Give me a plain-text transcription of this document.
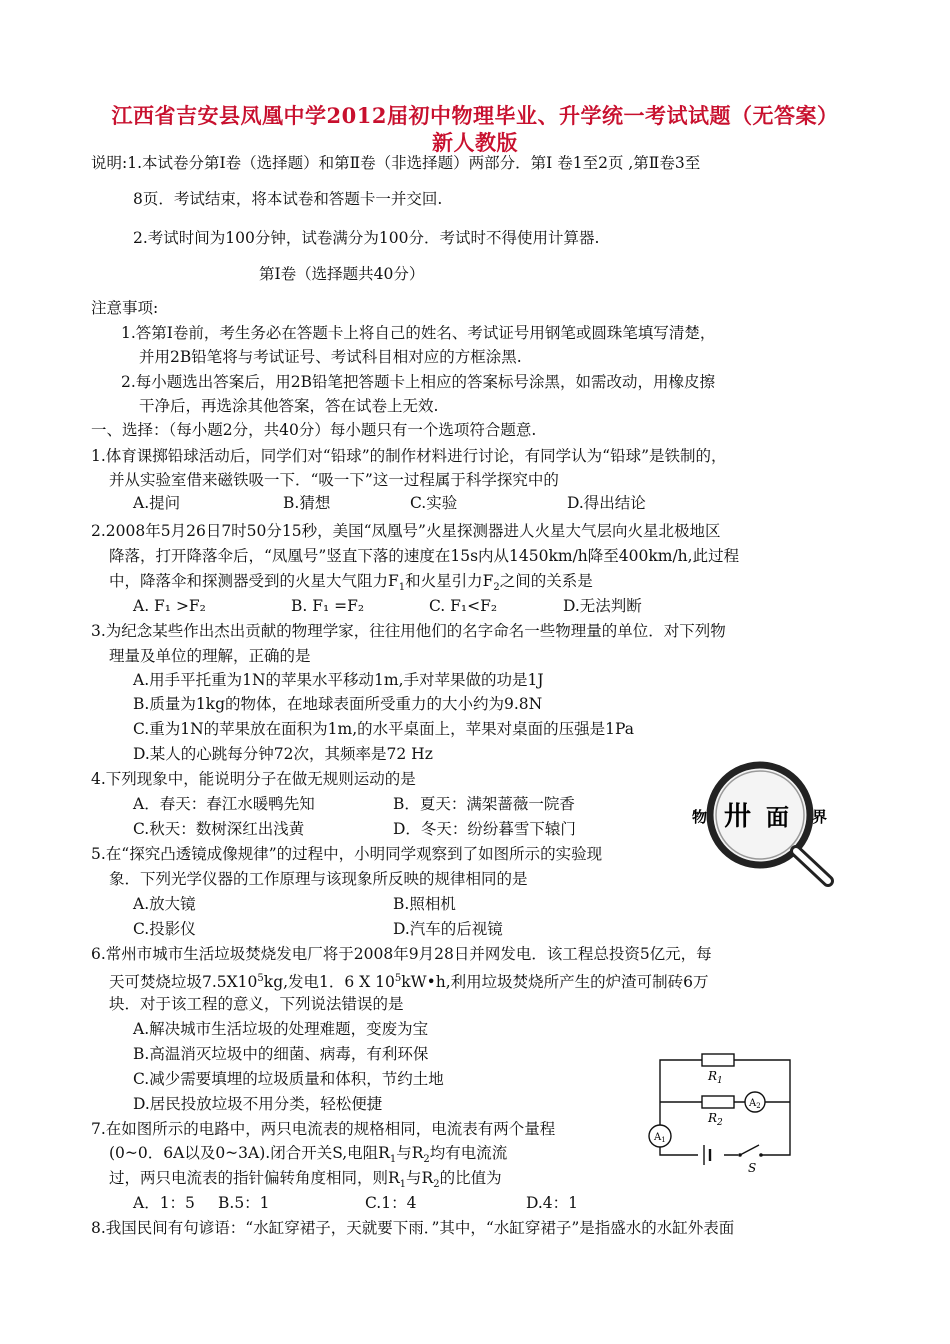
江西省吉安县凤凰中学2012届初中物理毕业、升学统一考试试题（无答案）
新人教版
说明:1.本试卷分第Ⅰ卷（选择题）和第Ⅱ卷（非选择题）两部分．第Ⅰ 卷1至2页 ,第Ⅱ卷3至
8页．考试结束，将本试卷和答题卡一并交回.
2.考试时间为100分钟，试卷满分为100分．考试时不得使用计算器.
第Ⅰ卷（选择题共40分）
注意事项:
1.答第Ⅰ卷前，考生务必在答题卡上将自己的姓名、考试证号用钢笔或圆珠笔填写清楚，
并用2B铅笔将与考试证号、考试科目相对应的方框涂黑.
2.每小题选出答案后，用2B铅笔把答题卡上相应的答案标号涂黑，如需改动，用橡皮擦
干净后，再选涂其他答案，答在试卷上无效.
一、选择：（每小题2分，共40分）每小题只有一个选项符合题意.
1.体育课掷铅球活动后，同学们对“铅球”的制作材料进行讨论，有同学认为“铅球”是铁制的，
并从实验室借来磁铁吸一下．“吸一下”这一过程属于科学探究中的
A.提问	B.猜想	C.实验	D.得出结论
2.2008年5月26日7时50分15秒，美国“凤凰号”火星探测器进人火星大气层向火星北极地区
降落，打开降落伞后，“凤凰号”竖直下落的速度在15s内从1450km/h降至400km/h,此过程
中，降落伞和探测器受到的火星大气阻力$F_1$和火星引力$F_2$之间的关系是
A. F₁ >F₂	B. F₁ =F₂	C. F₁<F₂	D.无法判断
3.为纪念某些作出杰出贡献的物理学家，往往用他们的名字命名一些物理量的单位．对下列物
理量及单位的理解，正确的是
A.用手平托重为1N的苹果水平移动1m,手对苹果做的功是1J
B.质量为1kg的物体，在地球表面所受重力的大小约为9.8N
C.重为1N的苹果放在面积为1m,的水平桌面上，苹果对桌面的压强是1Pa
D.某人的心跳每分钟72次，其频率是72 Hz
4.下列现象中，能说明分子在做无规则运动的是
A．春天：春江水暖鸭先知	B．夏天：满架蔷薇一院香
C.秋天：数树深红出浅黄	D．冬天：纷纷暮雪下辕门
物 卅 面 界
5.在“探究凸透镜成像规律”的过程中，小明同学观察到了如图所示的实验现
象．下列光学仪器的工作原理与该现象所反映的规律相同的是
A.放大镜	B.照相机
C.投影仪	D.汽车的后视镜
6.常州市城市生活垃圾焚烧发电厂将于2008年9月28日并网发电．该工程总投资5亿元，每
天可焚烧垃圾$7.5X10^5kg$,发电1．6 X $10^5kW•h$,利用垃圾焚烧所产生的炉渣可制砖6万
块．对于该工程的意义，下列说法错误的是
A.解决城市生活垃圾的处理难题，变废为宝
B.高温消灭垃圾中的细菌、病毒，有利环保
C.减少需要填埋的垃圾质量和体积，节约土地
D.居民投放垃圾不用分类，轻松便捷
$R_1$
$R_2$
$A_2$
$A_1$
S
7.在如图所示的电路中，两只电流表的规格相同，电流表有两个量程
(0~0．6A以及0~3A).闭合开关S,电阻$R_1$与$R_2$均有电流流
过，两只电流表的指针偏转角度相同，则$R_1$与$R_2$的比值为
A．1：5 B.5：1	C.1：4	D.4：1
8.我国民间有句谚语：“水缸穿裙子，天就要下雨．”其中，“水缸穿裙子”是指盛水的水缸外表面
